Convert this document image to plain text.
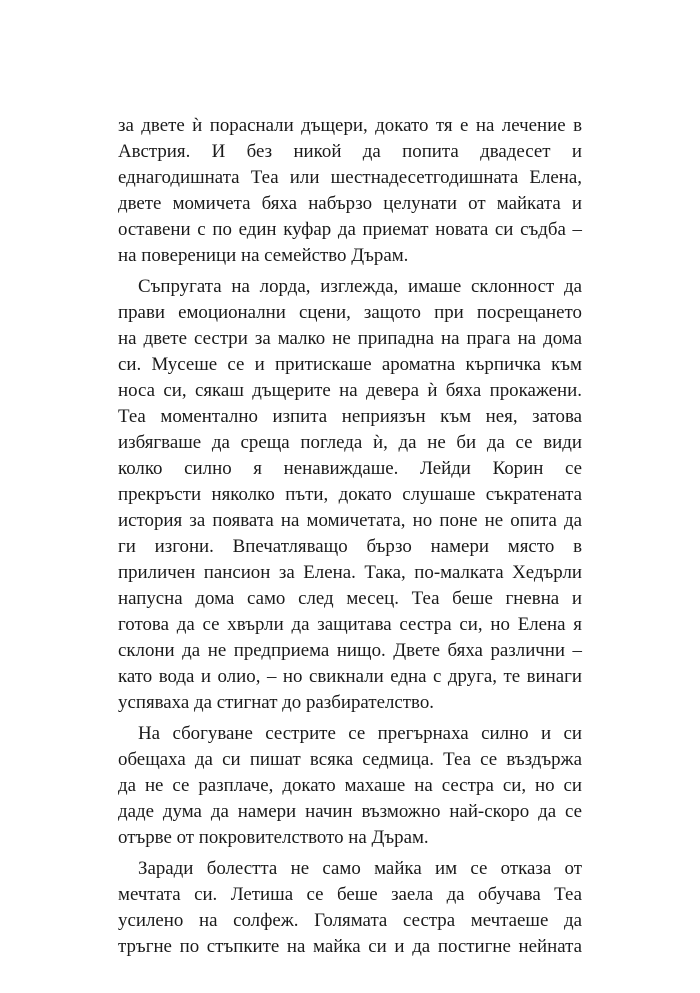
за двете ѝ пораснали дъщери, докато тя е на лечение в
Австрия. И без никой да попита двадесет и
еднагодишната Теа или шестнадесетгодишната Елена,
двете момичета бяха набързо целунати от майката и
оставени с по един куфар да приемат новата си съдба –
на повереници на семейство Дърам.
Съпругата на лорда, изглежда, имаше склонност да
прави емоционални сцени, защото при посрещането
на двете сестри за малко не припадна на прага на дома
си. Мусеше се и притискаше ароматна кърпичка към
носа си, сякаш дъщерите на девера ѝ бяха прокажени.
Теа моментално изпита неприязън към нея, затова
избягваше да среща погледа ѝ, да не би да се види
колко силно я ненавиждаше. Лейди Корин се
прекръсти няколко пъти, докато слушаше съкратената
история за появата на момичетата, но поне не опита да
ги изгони. Впечатляващо бързо намери място в
приличен пансион за Елена. Така, по-малката Хедърли
напусна дома само след месец. Теа беше гневна и
готова да се хвърли да защитава сестра си, но Елена я
склони да не предприема нищо. Двете бяха различни –
като вода и олио, – но свикнали една с друга, те винаги
успяваха да стигнат до разбирателство.
На сбогуване сестрите се прегърнаха силно и си
обещаха да си пишат всяка седмица. Теа се въздържа
да не се разплаче, докато махаше на сестра си, но си
даде дума да намери начин възможно най-скоро да се
отърве от покровителството на Дърам.
Заради болестта не само майка им се отказа от
мечтата си. Летиша се беше заела да обучава Теа
усилено на солфеж. Голямата сестра мечтаеше да
тръгне по стъпките на майка си и да постигне нейната
